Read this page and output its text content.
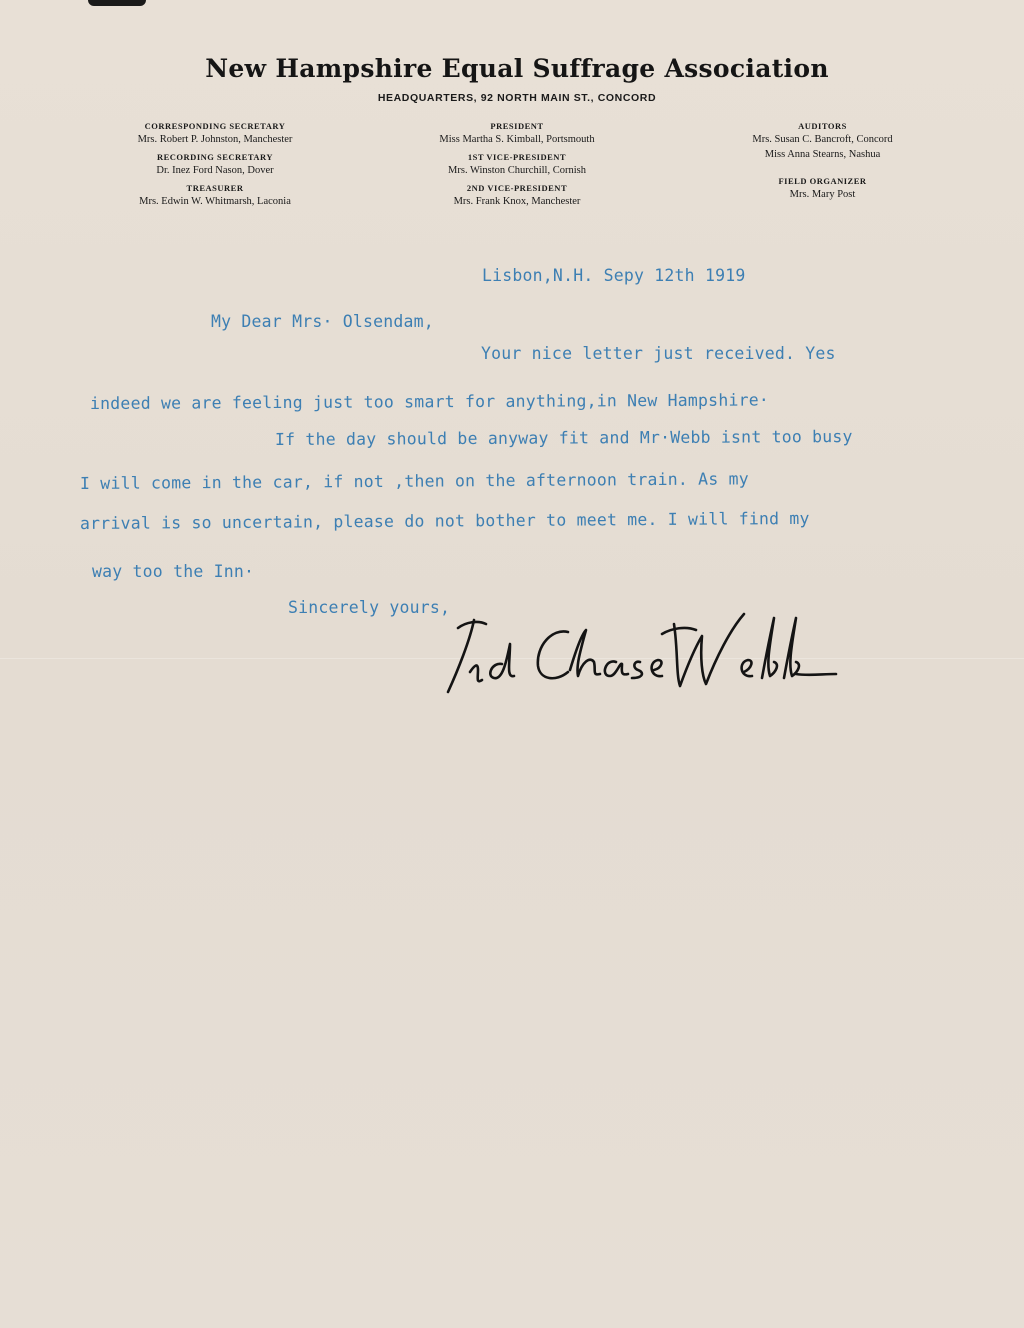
New Hampshire Equal Suffrage Association
HEADQUARTERS, 92 NORTH MAIN ST., CONCORD
CORRESPONDING SECRETARY
Mrs. Robert P. Johnston, Manchester
RECORDING SECRETARY
Dr. Inez Ford Nason, Dover
TREASURER
Mrs. Edwin W. Whitmarsh, Laconia
PRESIDENT
Miss Martha S. Kimball, Portsmouth
1ST VICE-PRESIDENT
Mrs. Winston Churchill, Cornish
2ND VICE-PRESIDENT
Mrs. Frank Knox, Manchester
AUDITORS
Mrs. Susan C. Bancroft, Concord
Miss Anna Stearns, Nashua
FIELD ORGANIZER
Mrs. Mary Post
Lisbon,N.H. Sepy 12th 1919
My Dear Mrs· Olsendam,
Your nice letter just received. Yes
indeed we are feeling just too smart for anything,in New Hampshire·
If the day should be anyway fit and Mr·Webb isnt too busy
I will come in the car, if not ,then on the afternoon train. As my
arrival is so uncertain, please do not bother to meet me. I will find my
way too the Inn·
Sincerely yours,
